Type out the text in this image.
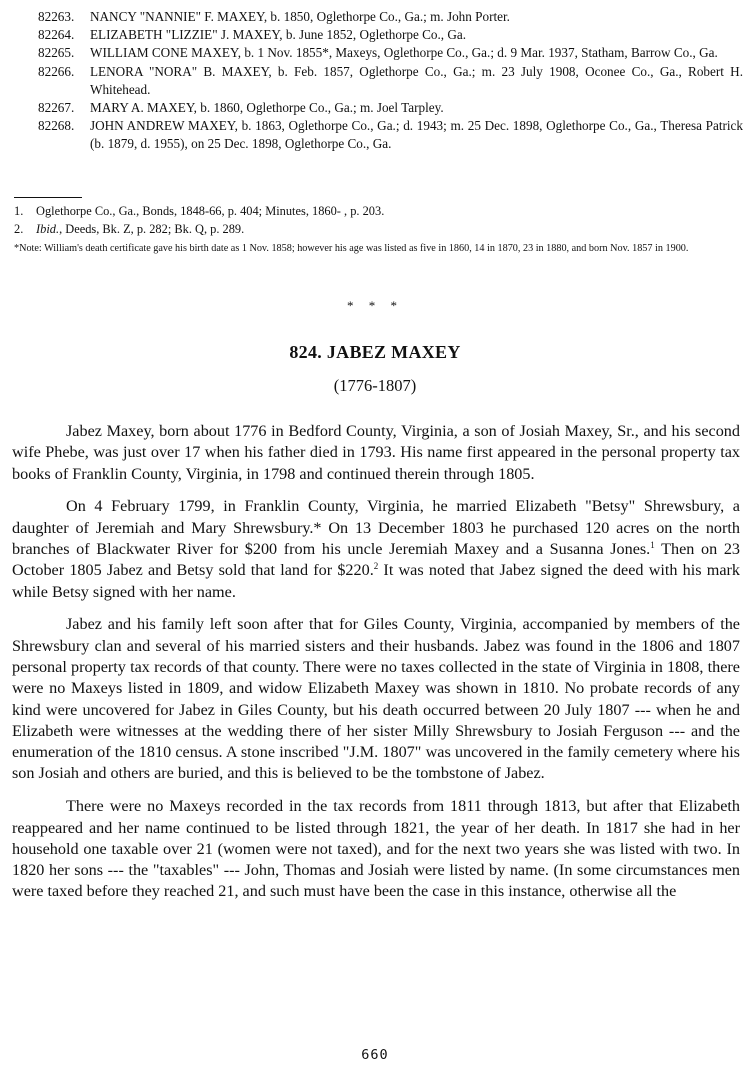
82263.	NANCY "NANNIE" F. MAXEY, b. 1850, Oglethorpe Co., Ga.; m. John Porter.
82264.	ELIZABETH "LIZZIE" J. MAXEY, b. June 1852, Oglethorpe Co., Ga.
82265.	WILLIAM CONE MAXEY, b. 1 Nov. 1855*, Maxeys, Oglethorpe Co., Ga.; d. 9 Mar. 1937, Statham, Barrow Co., Ga.
82266.	LENORA "NORA" B. MAXEY, b. Feb. 1857, Oglethorpe Co., Ga.; m. 23 July 1908, Oconee Co., Ga., Robert H. Whitehead.
82267.	MARY A. MAXEY, b. 1860, Oglethorpe Co., Ga.; m. Joel Tarpley.
82268.	JOHN ANDREW MAXEY, b. 1863, Oglethorpe Co., Ga.; d. 1943; m. 25 Dec. 1898, Oglethorpe Co., Ga., Theresa Patrick (b. 1879, d. 1955), on 25 Dec. 1898, Oglethorpe Co., Ga.
1.	Oglethorpe Co., Ga., Bonds, 1848-66, p. 404; Minutes, 1860- , p. 203.
2.	Ibid., Deeds, Bk. Z, p. 282; Bk. Q, p. 289.
*Note: William's death certificate gave his birth date as 1 Nov. 1858; however his age was listed as five in 1860, 14 in 1870, 23 in 1880, and born Nov. 1857 in 1900.
* * *
824. JABEZ MAXEY
(1776-1807)

Jabez Maxey, born about 1776 in Bedford County, Virginia, a son of Josiah Maxey, Sr., and his second wife Phebe, was just over 17 when his father died in 1793. His name first appeared in the personal property tax books of Franklin County, Virginia, in 1798 and continued therein through 1805.

On 4 February 1799, in Franklin County, Virginia, he married Elizabeth "Betsy" Shrewsbury, a daughter of Jeremiah and Mary Shrewsbury.* On 13 December 1803 he purchased 120 acres on the north branches of Blackwater River for $200 from his uncle Jeremiah Maxey and a Susanna Jones.$^1$ Then on 23 October 1805 Jabez and Betsy sold that land for $220.$^2$ It was noted that Jabez signed the deed with his mark while Betsy signed with her name.

Jabez and his family left soon after that for Giles County, Virginia, accompanied by members of the Shrewsbury clan and several of his married sisters and their husbands. Jabez was found in the 1806 and 1807 personal property tax records of that county. There were no taxes collected in the state of Virginia in 1808, there were no Maxeys listed in 1809, and widow Elizabeth Maxey was shown in 1810. No probate records of any kind were uncovered for Jabez in Giles County, but his death occurred between 20 July 1807 --- when he and Elizabeth were witnesses at the wedding there of her sister Milly Shrewsbury to Josiah Ferguson --- and the enumeration of the 1810 census. A stone inscribed "J.M. 1807" was uncovered in the family cemetery where his son Josiah and others are buried, and this is believed to be the tombstone of Jabez.

There were no Maxeys recorded in the tax records from 1811 through 1813, but after that Elizabeth reappeared and her name continued to be listed through 1821, the year of her death. In 1817 she had in her household one taxable over 21 (women were not taxed), and for the next two years she was listed with two. In 1820 her sons --- the "taxables" --- John, Thomas and Josiah were listed by name. (In some circumstances men were taxed before they reached 21, and such must have been the case in this instance, otherwise all the

660
